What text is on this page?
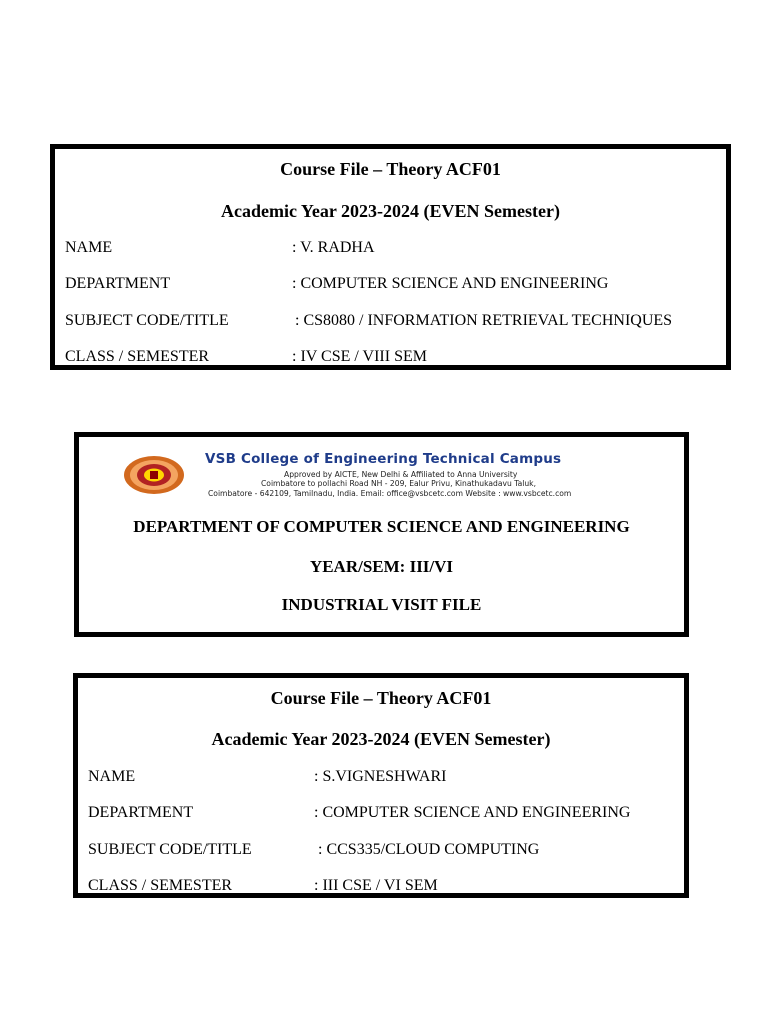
Course File – Theory ACF01
Academic Year 2023-2024 (EVEN Semester)
NAME	: V. RADHA
DEPARTMENT	: COMPUTER SCIENCE AND ENGINEERING
SUBJECT CODE/TITLE	: CS8080 / INFORMATION RETRIEVAL TECHNIQUES
CLASS / SEMESTER	: IV CSE / VIII SEM
VSB College of Engineering Technical Campus
Approved by AICTE, New Delhi & Affiliated to Anna University
Coimbatore to pollachi Road NH - 209, Ealur Privu, Kinathukadavu Taluk,
Coimbatore - 642109, Tamilnadu, India. Email: office@vsbcetc.com Website : www.vsbcetc.com
DEPARTMENT OF COMPUTER SCIENCE AND ENGINEERING
YEAR/SEM: III/VI
INDUSTRIAL VISIT FILE
Course File – Theory ACF01
Academic Year 2023-2024 (EVEN Semester)
NAME	: S.VIGNESHWARI
DEPARTMENT	: COMPUTER SCIENCE AND ENGINEERING
SUBJECT CODE/TITLE	: CCS335/CLOUD COMPUTING
CLASS / SEMESTER	: III CSE / VI SEM
